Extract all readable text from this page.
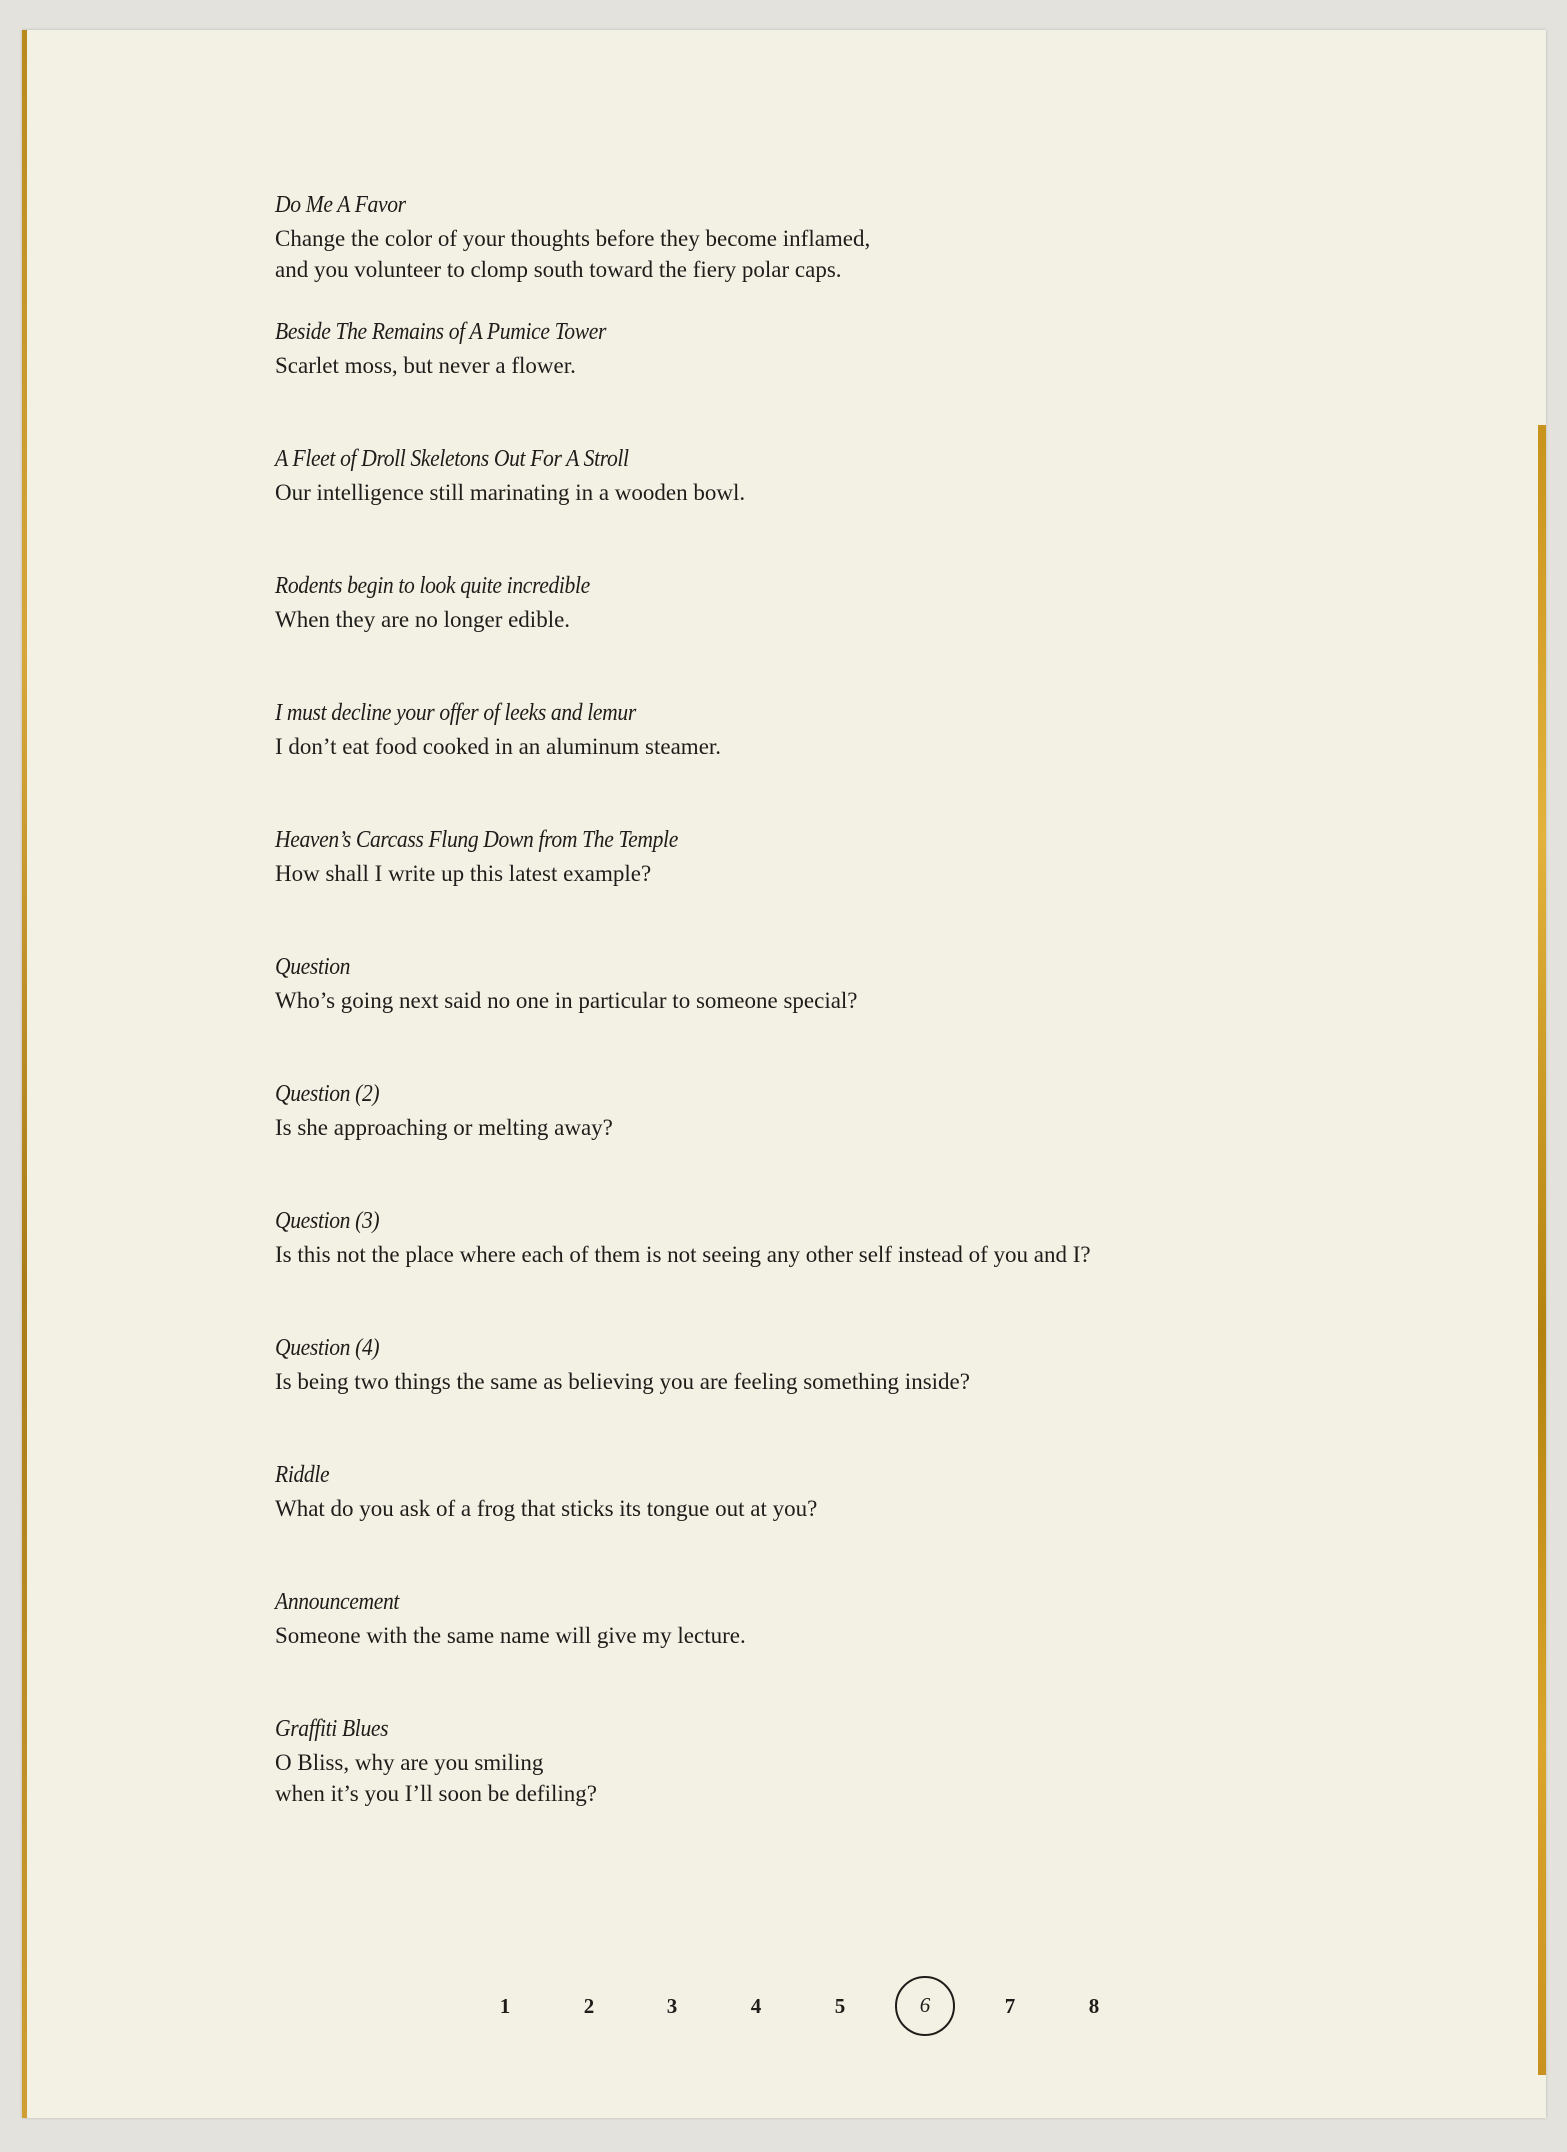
Do Me A Favor
Change the color of your thoughts before they become inflamed,
and you volunteer to clomp south toward the fiery polar caps.
Beside The Remains of A Pumice Tower
Scarlet moss, but never a flower.
A Fleet of Droll Skeletons Out For A Stroll
Our intelligence still marinating in a wooden bowl.
Rodents begin to look quite incredible
When they are no longer edible.
I must decline your offer of leeks and lemur
I don’t eat food cooked in an aluminum steamer.
Heaven’s Carcass Flung Down from The Temple
How shall I write up this latest example?
Question
Who’s going next said no one in particular to someone special?
Question (2)
Is she approaching or melting away?
Question (3)
Is this not the place where each of them is not seeing any other self instead of you and I?
Question (4)
Is being two things the same as believing you are feeling something inside?
Riddle
What do you ask of a frog that sticks its tongue out at you?
Announcement
Someone with the same name will give my lecture.
Graffiti Blues
O Bliss, why are you smiling
when it’s you I’ll soon be defiling?
1	2	3	4	5	6	7	8
